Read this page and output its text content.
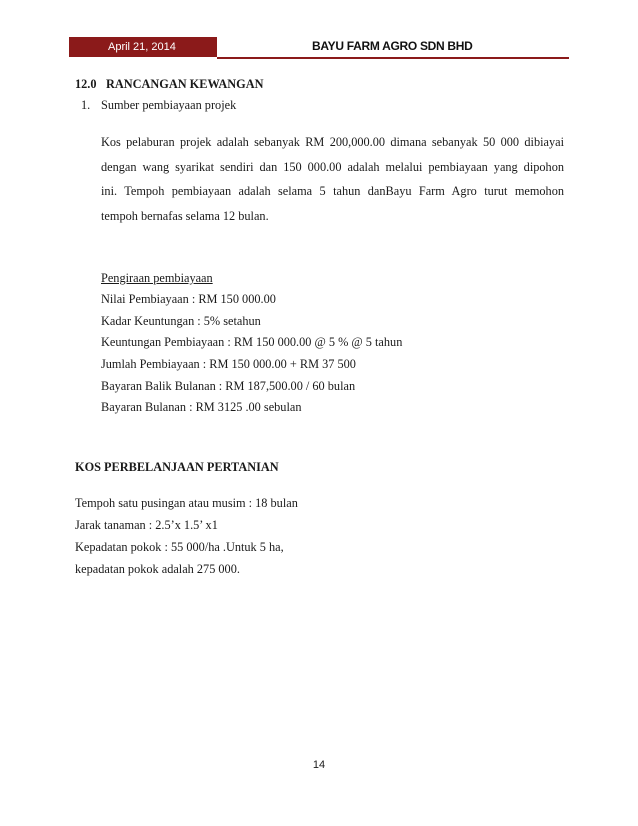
April 21, 2014	BAYU FARM AGRO SDN BHD
12.0 RANCANGAN KEWANGAN
1. Sumber pembiayaan projek
Kos pelaburan projek adalah sebanyak RM 200,000.00 dimana sebanyak 50 000 dibiayai
dengan wang syarikat sendiri dan 150 000.00 adalah melalui pembiayaan yang dipohon
ini. Tempoh pembiayaan adalah selama 5 tahun danBayu Farm Agro turut memohon
tempoh bernafas selama 12 bulan.
Pengiraan pembiayaan
Nilai Pembiayaan : RM 150 000.00
Kadar Keuntungan : 5% setahun
Keuntungan Pembiayaan : RM 150 000.00 @ 5 % @ 5 tahun
Jumlah Pembiayaan : RM 150 000.00 + RM 37 500
Bayaran Balik Bulanan : RM 187,500.00 / 60 bulan
Bayaran Bulanan : RM 3125 .00 sebulan
KOS PERBELANJAAN PERTANIAN
Tempoh satu pusingan atau musim : 18 bulan
Jarak tanaman : 2.5’x 1.5’ x1
Kepadatan pokok : 55 000/ha .Untuk 5 ha,
kepadatan pokok adalah 275 000.
14
